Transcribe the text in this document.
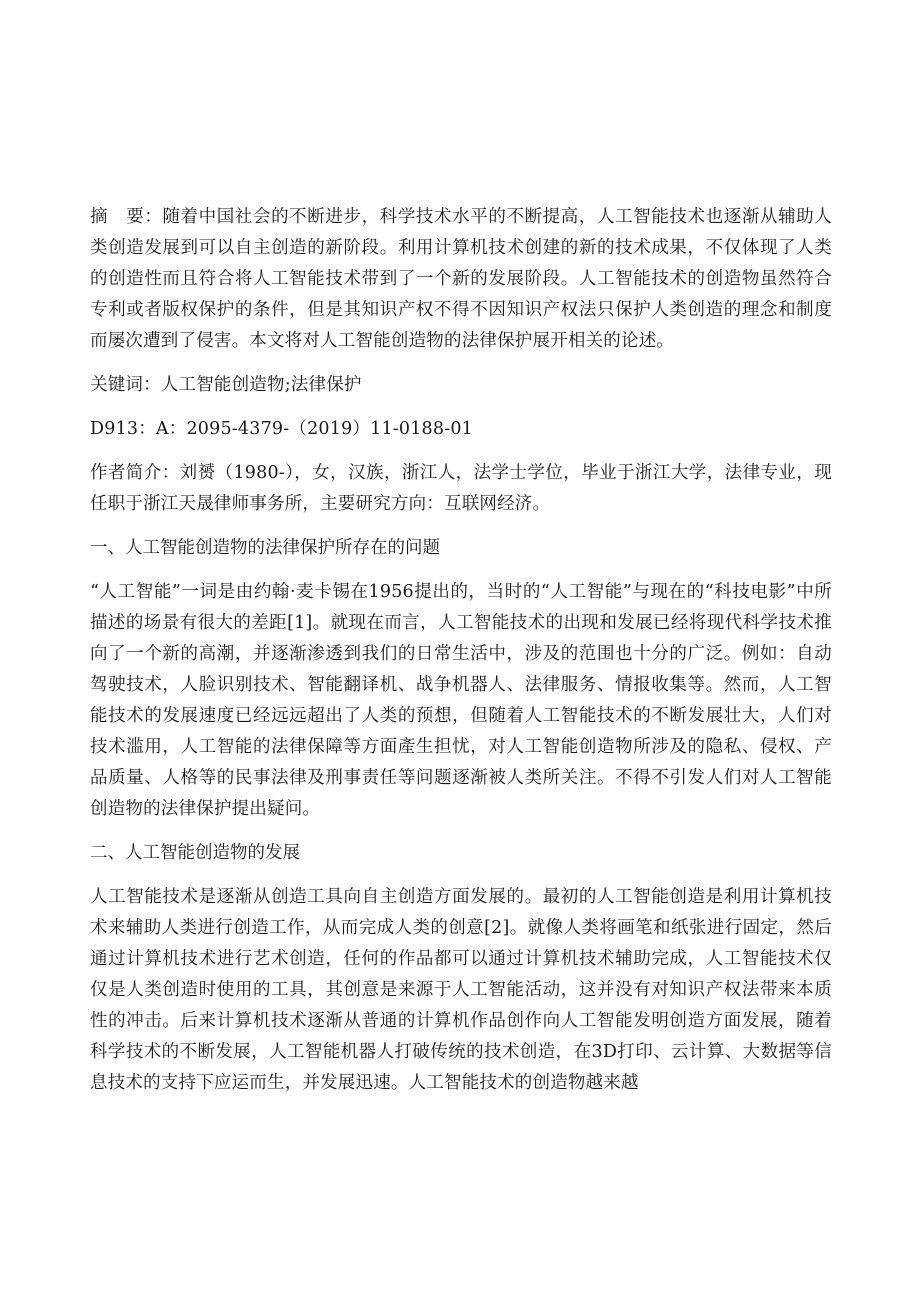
摘　要：随着中国社会的不断进步，科学技术水平的不断提高，人工智能技术也逐渐从辅助人类创造发展到可以自主创造的新阶段。利用计算机技术创建的新的技术成果，不仅体现了人类的创造性而且符合将人工智能技术带到了一个新的发展阶段。人工智能技术的创造物虽然符合专利或者版权保护的条件，但是其知识产权不得不因知识产权法只保护人类创造的理念和制度而屡次遭到了侵害。本文将对人工智能创造物的法律保护展开相关的论述。

关键词：人工智能创造物;法律保护

D913：A：2095-4379-（2019）11-0188-01

作者简介：刘赟（1980-），女，汉族，浙江人，法学士学位，毕业于浙江大学，法律专业，现任职于浙江天晟律师事务所，主要研究方向：互联网经济。

一、人工智能创造物的法律保护所存在的问题

“人工智能”一词是由约翰·麦卡锡在1956提出的，当时的“人工智能”与现在的“科技电影”中所描述的场景有很大的差距[1]。就现在而言，人工智能技术的出现和发展已经将现代科学技术推向了一个新的高潮，并逐渐渗透到我们的日常生活中，涉及的范围也十分的广泛。例如：自动驾驶技术，人脸识别技术、智能翻译机、战争机器人、法律服务、情报收集等。然而，人工智能技术的发展速度已经远远超出了人类的预想，但随着人工智能技术的不断发展壮大，人们对技术滥用，人工智能的法律保障等方面產生担忧，对人工智能创造物所涉及的隐私、侵权、产品质量、人格等的民事法律及刑事责任等问题逐渐被人类所关注。不得不引发人们对人工智能创造物的法律保护提出疑问。

二、人工智能创造物的发展

人工智能技术是逐渐从创造工具向自主创造方面发展的。最初的人工智能创造是利用计算机技术来辅助人类进行创造工作，从而完成人类的创意[2]。就像人类将画笔和纸张进行固定，然后通过计算机技术进行艺术创造，任何的作品都可以通过计算机技术辅助完成，人工智能技术仅仅是人类创造时使用的工具，其创意是来源于人工智能活动，这并没有对知识产权法带来本质性的冲击。后来计算机技术逐渐从普通的计算机作品创作向人工智能发明创造方面发展，随着科学技术的不断发展，人工智能机器人打破传统的技术创造，在3D打印、云计算、大数据等信息技术的支持下应运而生，并发展迅速。人工智能技术的创造物越来越
